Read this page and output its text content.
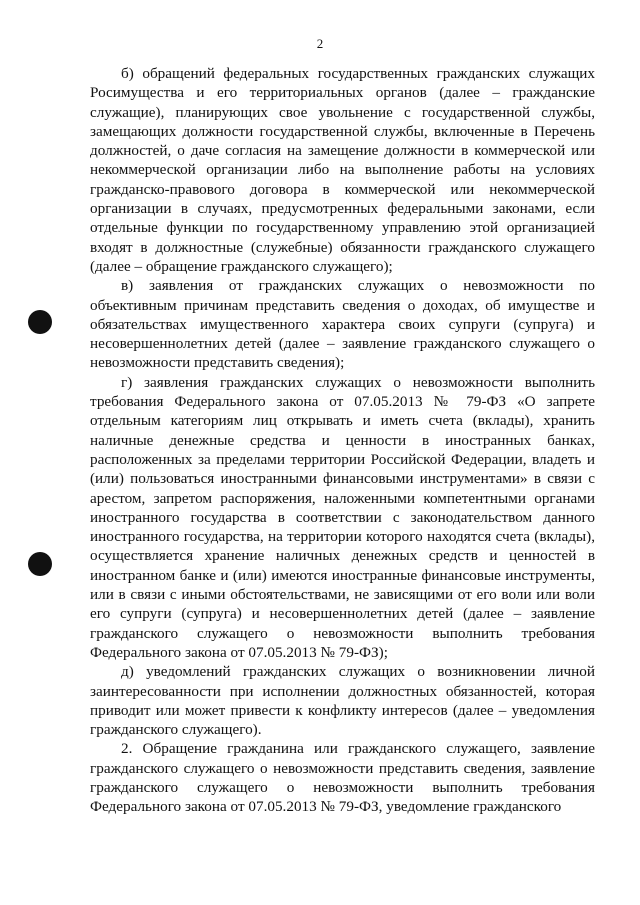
2

б) обращений федеральных государственных гражданских служащих Росимущества и его территориальных органов (далее – гражданские служащие), планирующих свое увольнение с государственной службы, замещающих должности государственной службы, включенные в Перечень должностей, о даче согласия на замещение должности в коммерческой или некоммерческой организации либо на выполнение работы на условиях гражданско-правового договора в коммерческой или некоммерческой организации в случаях, предусмотренных федеральными законами, если отдельные функции по государственному управлению этой организацией входят в должностные (служебные) обязанности гражданского служащего (далее – обращение гражданского служащего);

в) заявления от гражданских служащих о невозможности по объективным причинам представить сведения о доходах, об имуществе и обязательствах имущественного характера своих супруги (супруга) и несовершеннолетних детей (далее – заявление гражданского служащего о невозможности представить сведения);

г) заявления гражданских служащих о невозможности выполнить требования Федерального закона от 07.05.2013 № 79-ФЗ «О запрете отдельным категориям лиц открывать и иметь счета (вклады), хранить наличные денежные средства и ценности в иностранных банках, расположенных за пределами территории Российской Федерации, владеть и (или) пользоваться иностранными финансовыми инструментами» в связи с арестом, запретом распоряжения, наложенными компетентными органами иностранного государства в соответствии с законодательством данного иностранного государства, на территории которого находятся счета (вклады), осуществляется хранение наличных денежных средств и ценностей в иностранном банке и (или) имеются иностранные финансовые инструменты, или в связи с иными обстоятельствами, не зависящими от его воли или воли его супруги (супруга) и несовершеннолетних детей (далее – заявление гражданского служащего о невозможности выполнить требования Федерального закона от 07.05.2013 № 79-ФЗ);

д) уведомлений гражданских служащих о возникновении личной заинтересованности при исполнении должностных обязанностей, которая приводит или может привести к конфликту интересов (далее – уведомления гражданского служащего).

2. Обращение гражданина или гражданского служащего, заявление гражданского служащего о невозможности представить сведения, заявление гражданского служащего о невозможности выполнить требования Федерального закона от 07.05.2013 № 79-ФЗ, уведомление гражданского
